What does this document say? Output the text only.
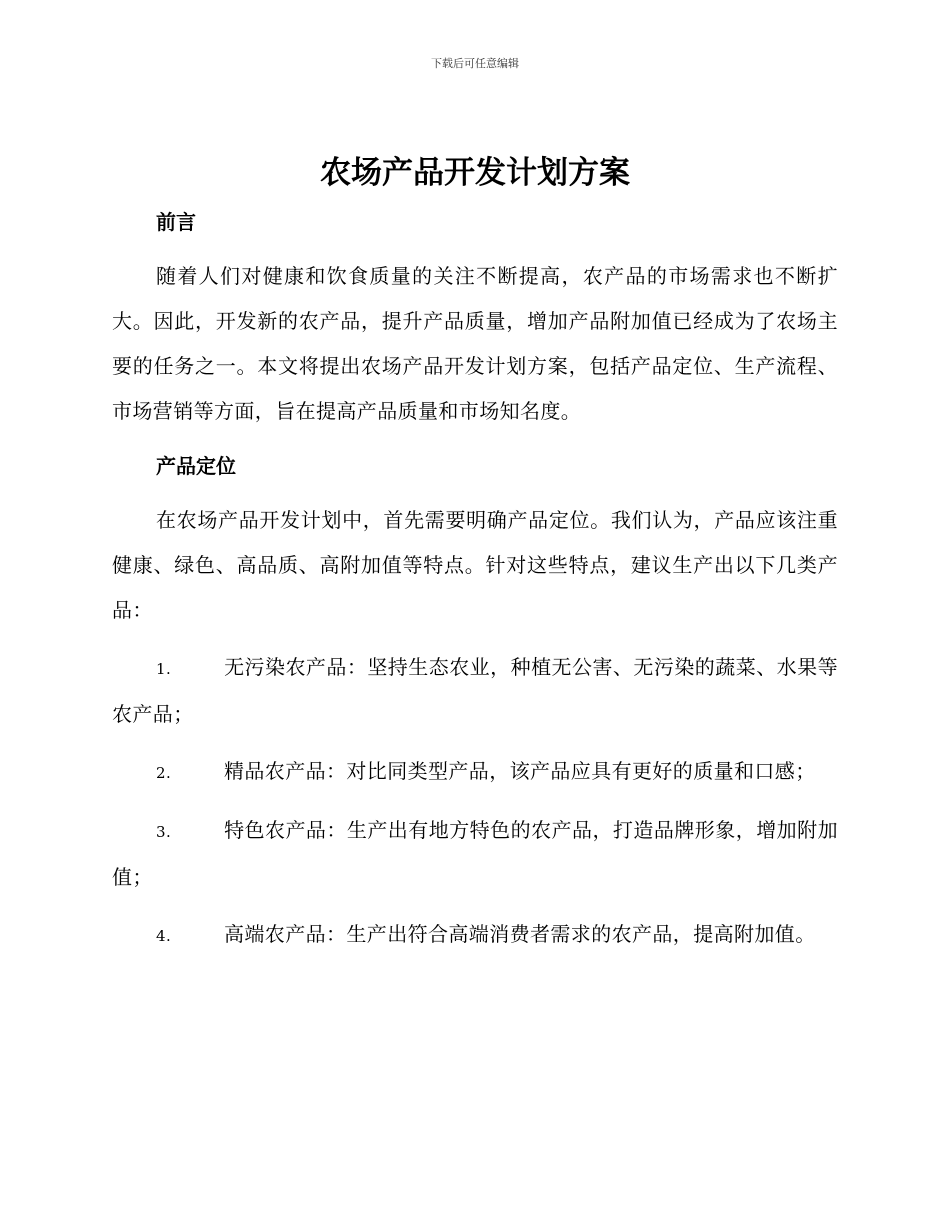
下载后可任意编辑
农场产品开发计划方案
前言

随着人们对健康和饮食质量的关注不断提高，农产品的市场需求也不断扩大。因此，开发新的农产品，提升产品质量，增加产品附加值已经成为了农场主要的任务之一。本文将提出农场产品开发计划方案，包括产品定位、生产流程、市场营销等方面，旨在提高产品质量和市场知名度。

产品定位

在农场产品开发计划中，首先需要明确产品定位。我们认为，产品应该注重健康、绿色、高品质、高附加值等特点。针对这些特点，建议生产出以下几类产品：

1.	无污染农产品：坚持生态农业，种植无公害、无污染的蔬菜、水果等农产品；

2.	精品农产品：对比同类型产品，该产品应具有更好的质量和口感；

3.	特色农产品：生产出有地方特色的农产品，打造品牌形象，增加附加值；

4.	高端农产品：生产出符合高端消费者需求的农产品，提高附加值。
